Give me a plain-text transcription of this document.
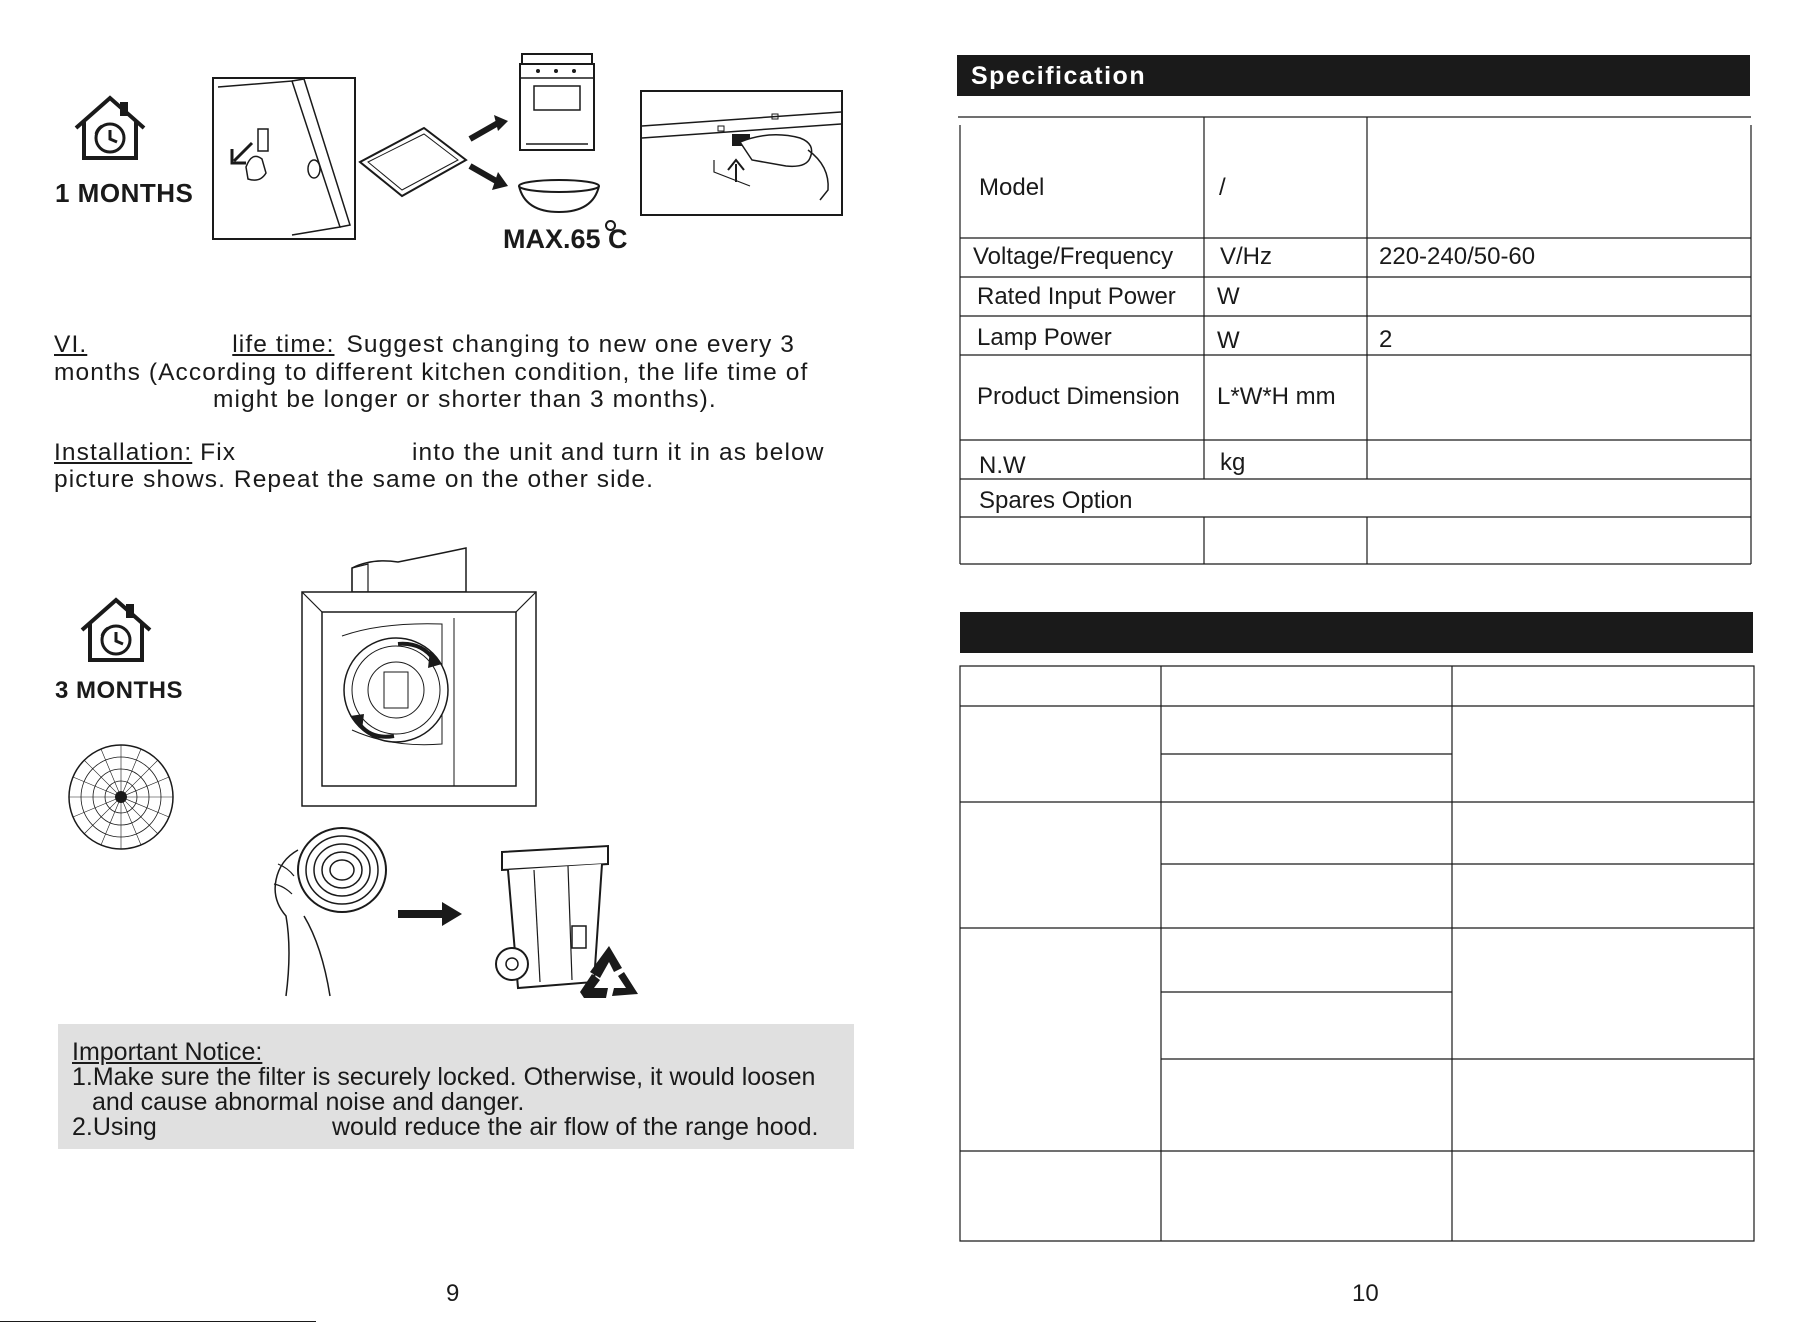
1 MONTHS
MAX.65 C
VI.	life time: Suggest changing to new one every 3
months (According to different kitchen condition, the life time of
might be longer or shorter than 3 months).
Installation: Fix	into the unit and turn it in as below
picture shows. Repeat the same on the other side.
3 MONTHS
Important Notice:
1.Make sure the filter is securely locked. Otherwise, it would loosen
and cause abnormal noise and danger.
2.Using	would reduce the air flow of the range hood.
9
Specification
Model	/
Voltage/Frequency V/Hz	220-240/50-60
Rated Input Power W
Lamp Power	W	2
Product Dimension L*W*H mm
N.W	kg
Spares Option
10
